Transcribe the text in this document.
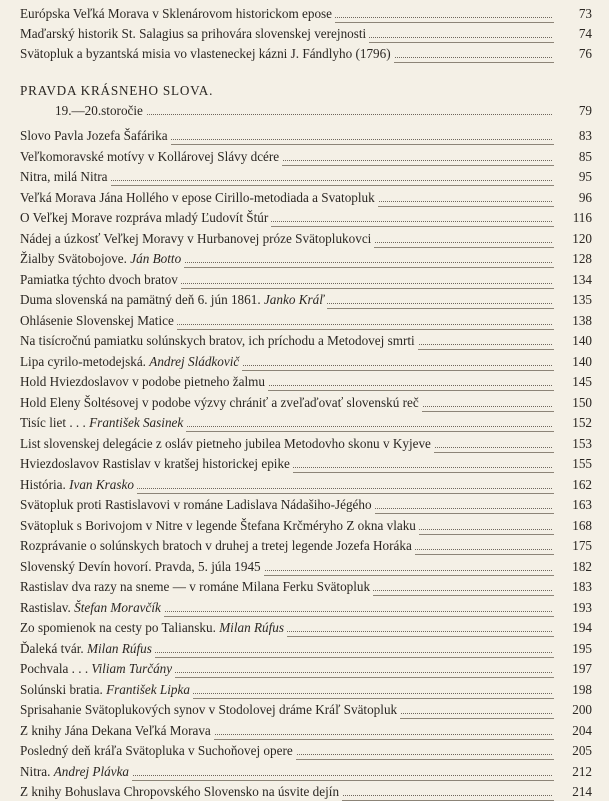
Európska Veľká Morava v Sklenárovom historickom epose	73
Maďarský historik St. Salagius sa prihovára slovenskej verejnosti	74
Svätopluk a byzantská misia vo vlasteneckej kázni J. Fándlyho (1796)	76
PRAVDA KRÁSNEHO SLOVA.
19.—20.storočie	79
Slovo Pavla Jozefa Šafárika	83
Veľkomoravské motívy v Kollárovej Slávy dcére	85
Nitra, milá Nitra	95
Veľká Morava Jána Hollého v epose Cirillo-metodiada a Svatopluk	96
O Veľkej Morave rozpráva mladý Ľudovít Štúr	116
Nádej a úzkosť Veľkej Moravy v Hurbanovej próze Svätoplukovci	120
Žialby Svätobojove. Ján Botto	128
Pamiatka týchto dvoch bratov	134
Duma slovenská na pamätný deň 6. jún 1861. Janko Kráľ	135
Ohlásenie Slovenskej Matice	138
Na tisícročnú pamiatku solúnskych bratov, ich príchodu a Metodovej smrti	140
Lipa cyrilo-metodejská. Andrej Sládkovič	140
Hold Hviezdoslavov v podobe pietneho žalmu	145
Hold Eleny Šoltésovej v podobe výzvy chrániť a zveľaďovať slovenskú reč	150
Tisíc liet . . . František Sasinek	152
List slovenskej delegácie z osláv pietneho jubilea Metodovho skonu v Kyjeve	153
Hviezdoslavov Rastislav v kratšej historickej epike	155
História. Ivan Krasko	162
Svätopluk proti Rastislavovi v románe Ladislava Nádašiho-Jégého	163
Svätopluk s Borivojom v Nitre v legende Štefana Krčméryho Z okna vlaku	168
Rozprávanie o solúnskych bratoch v druhej a tretej legende Jozefa Horáka	175
Slovenský Devín hovorí. Pravda, 5. júla 1945	182
Rastislav dva razy na sneme — v románe Milana Ferku Svätopluk	183
Rastislav. Štefan Moravčík	193
Zo spomienok na cesty po Taliansku. Milan Rúfus	194
Ďaleká tvár. Milan Rúfus	195
Pochvala . . . Viliam Turčány	197
Solúnski bratia. František Lipka	198
Sprisahanie Svätoplukových synov v Stodolovej dráme Kráľ Svätopluk	200
Z knihy Jána Dekana Veľká Morava	204
Posledný deň kráľa Svätopluka v Suchoňovej opere	205
Nitra. Andrej Plávka	212
Z knihy Bohuslava Chropovského Slovensko na úsvite dejín	214
